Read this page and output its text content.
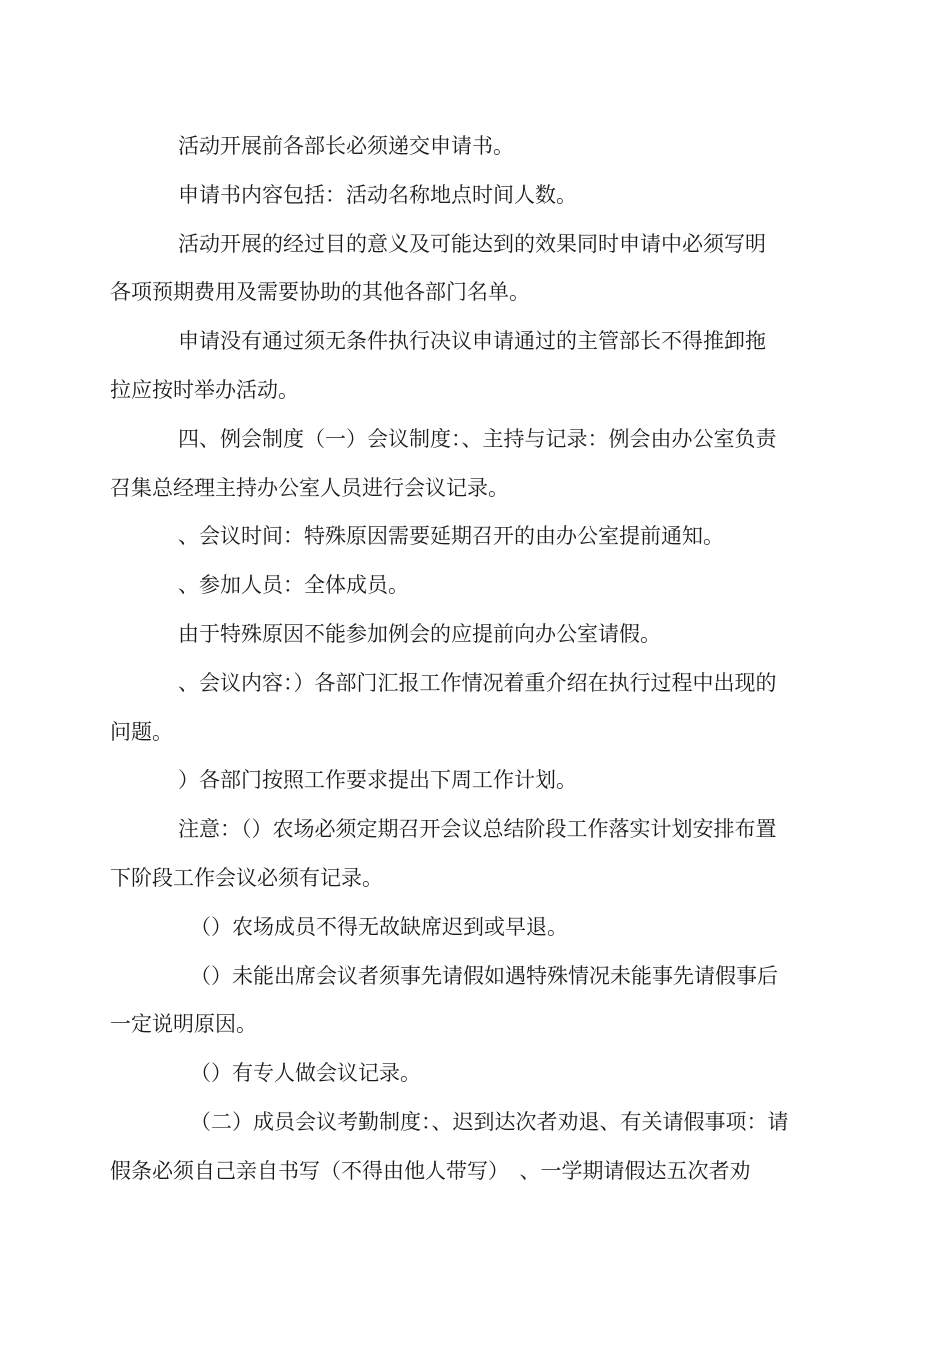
活动开展前各部长必须递交申请书。

申请书内容包括：活动名称地点时间人数。

活动开展的经过目的意义及可能达到的效果同时申请中必须写明
各项预期费用及需要协助的其他各部门名单。

申请没有通过须无条件执行决议申请通过的主管部长不得推卸拖
拉应按时举办活动。

四、例会制度（一）会议制度：、主持与记录：例会由办公室负责
召集总经理主持办公室人员进行会议记录。

、会议时间：特殊原因需要延期召开的由办公室提前通知。

、参加人员：全体成员。

由于特殊原因不能参加例会的应提前向办公室请假。

、会议内容：）各部门汇报工作情况着重介绍在执行过程中出现的
问题。

）各部门按照工作要求提出下周工作计划。

注意：（）农场必须定期召开会议总结阶段工作落实计划安排布置
下阶段工作会议必须有记录。

（）农场成员不得无故缺席迟到或早退。

（）未能出席会议者须事先请假如遇特殊情况未能事先请假事后
一定说明原因。

（）有专人做会议记录。

（二）成员会议考勤制度：、迟到达次者劝退、有关请假事项：请
假条必须自己亲自书写（不得由他人带写）　、一学期请假达五次者劝
